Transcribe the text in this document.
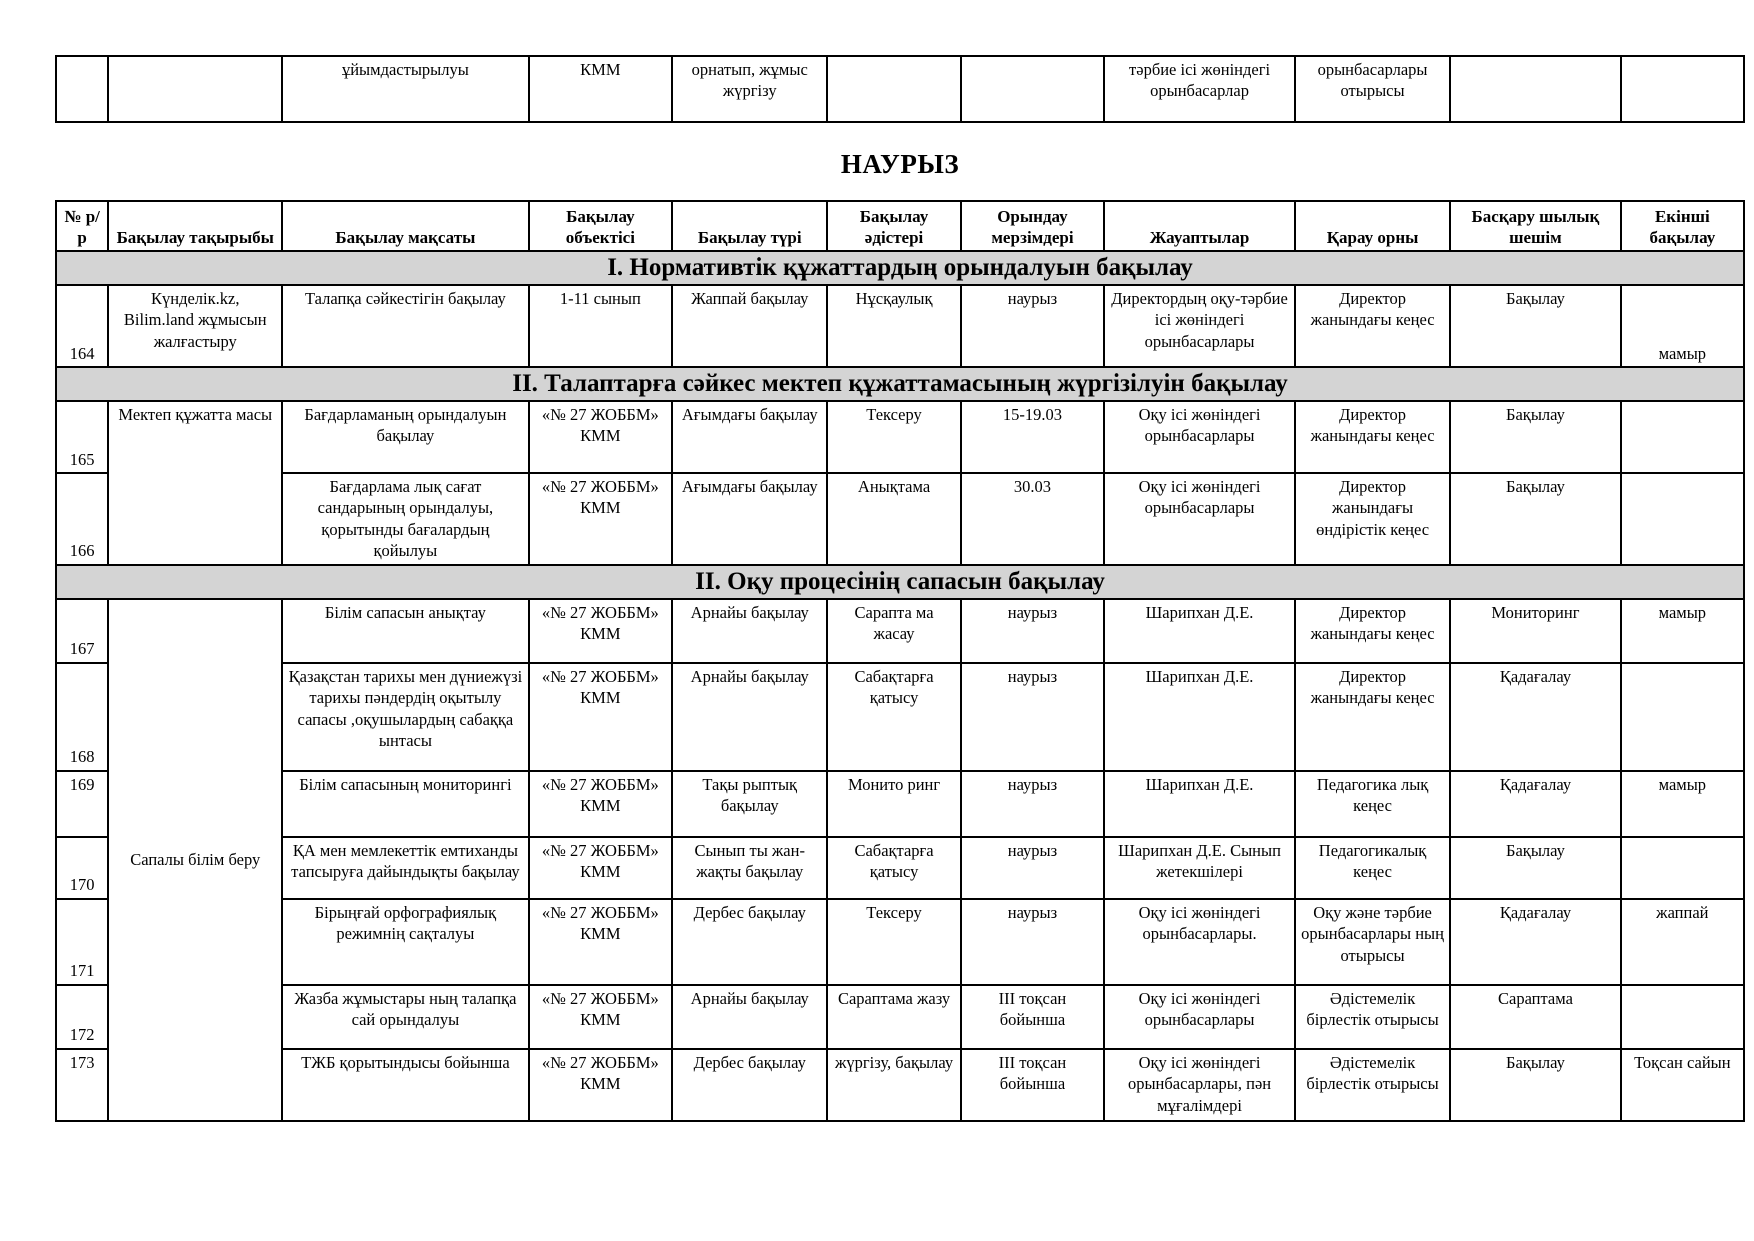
		ұйымдастырылуы	КММ	орнатып, жұмыс жүргізу			тәрбие ісі жөніндегі орынбасарлар	орынбасарлары отырысы		
НАУРЫЗ
№ р/р	Бақылау тақырыбы	Бақылау мақсаты	Бақылау объектісі	Бақылау түрі	Бақылау әдістері	Орындау мерзімдері	Жауаптылар	Қарау орны	Басқару шылық шешім	Екінші бақылау
І. Нормативтік құжаттардың орындалуын бақылау										
164	Күнделік.kz, Bilim.land жұмысын жалғастыру	Талапқа сәйкестігін бақылау	1-11 сынып	Жаппай бақылау	Нұсқаулық	наурыз	Директордың оқу-тәрбие ісі жөніндегі орынбасарлары	Директор жанындағы кеңес	Бақылау	мамыр
ІІ. Талаптарға сәйкес мектеп құжаттамасының жүргізілуін бақылау										
165	Мектеп құжатта масы	Бағдарламаның орындалуын бақылау	«№ 27 ЖОББМ» КММ	Ағымдағы бақылау	Тексеру	15-19.03	Оқу ісі жөніндегі орынбасарлары	Директор жанындағы кеңес	Бақылау	
166		Бағдарлама лық сағат сандарының орындалуы, қорытынды бағалардың қойылуы	«№ 27 ЖОББМ» КММ	Ағымдағы бақылау	Анықтама	30.03	Оқу ісі жөніндегі орынбасарлары	Директор жанындағы өндірістік кеңес	Бақылау	
ІІ. Оқу процесінің сапасын бақылау										
167	Сапалы білім беру	Білім сапасын анықтау	«№ 27 ЖОББМ» КММ	Арнайы бақылау	Сарапта ма жасау	наурыз	Шарипхан Д.Е.	Директор жанындағы кеңес	Мониторинг	мамыр
168		Қазақстан тарихы мен дүниежүзі тарихы пәндердің оқытылу сапасы ,оқушылардың сабаққа ынтасы	«№ 27 ЖОББМ» КММ	Арнайы бақылау	Сабақтарға қатысу	наурыз	Шарипхан Д.Е.	Директор жанындағы кеңес	Қадағалау	
169		Білім сапасының мониторингі	«№ 27 ЖОББМ» КММ	Тақы рыптық бақылау	Монито ринг	наурыз	Шарипхан Д.Е.	Педагогика лық кеңес	Қадағалау	мамыр
170		ҚА мен мемлекеттік емтиханды тапсыруға дайындықты бақылау	«№ 27 ЖОББМ» КММ	Сынып ты жан-жақты бақылау	Сабақтарға қатысу	наурыз	Шарипхан Д.Е. Сынып жетекшілері	Педагогикалық кеңес	Бақылау	
171		Бірыңғай орфографиялық режимнің сақталуы	«№ 27 ЖОББМ» КММ	Дербес бақылау	Тексеру	наурыз	Оқу ісі жөніндегі орынбасарлары.	Оқу және тәрбие орынбасарлары ның отырысы	Қадағалау	жаппай
172		Жазба жұмыстары ның талапқа сай орындалуы	«№ 27 ЖОББМ» КММ	Арнайы бақылау	Сараптама жазу	ІІІ тоқсан бойынша	Оқу ісі жөніндегі орынбасарлары	Әдістемелік бірлестік отырысы	Сараптама	
173		ТЖБ қорытындысы бойынша	«№ 27 ЖОББМ» КММ	Дербес бақылау	жүргізу, бақылау	ІІІ тоқсан бойынша	Оқу ісі жөніндегі орынбасарлары, пән мұғалімдері	Әдістемелік бірлестік отырысы	Бақылау	Тоқсан сайын
